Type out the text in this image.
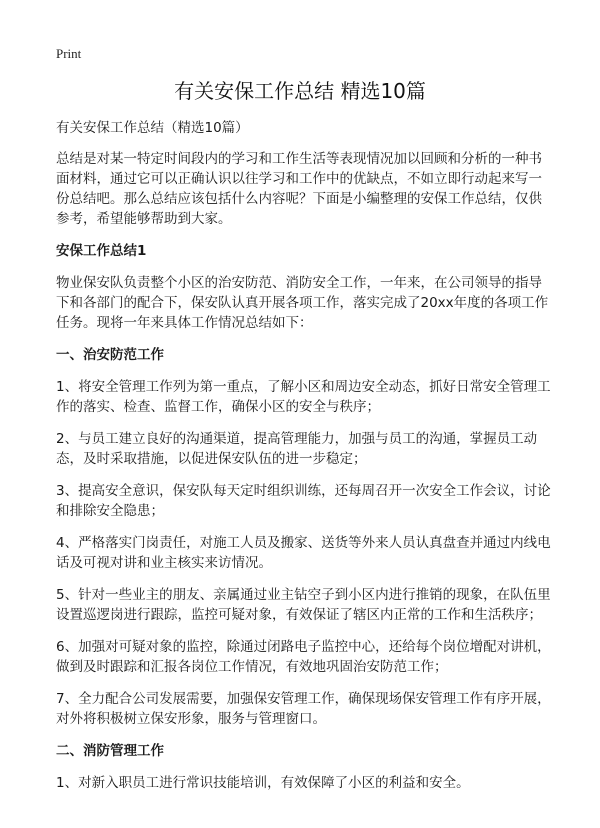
Print
有关安保工作总结 精选10篇

有关安保工作总结（精选10篇）

总结是对某一特定时间段内的学习和工作生活等表现情况加以回顾和分析的一种书面材料，通过它可以正确认识以往学习和工作中的优缺点，不如立即行动起来写一份总结吧。那么总结应该包括什么内容呢？下面是小编整理的安保工作总结，仅供参考，希望能够帮助到大家。

安保工作总结1

物业保安队负责整个小区的治安防范、消防安全工作，一年来，在公司领导的指导下和各部门的配合下，保安队认真开展各项工作，落实完成了20xx年度的各项工作任务。现将一年来具体工作情况总结如下：

一、治安防范工作

1、将安全管理工作列为第一重点，了解小区和周边安全动态，抓好日常安全管理工作的落实、检查、监督工作，确保小区的安全与秩序；

2、与员工建立良好的沟通渠道，提高管理能力，加强与员工的沟通，掌握员工动态，及时采取措施，以促进保安队伍的进一步稳定；

3、提高安全意识，保安队每天定时组织训练，还每周召开一次安全工作会议，讨论和排除安全隐患；

4、严格落实门岗责任，对施工人员及搬家、送货等外来人员认真盘查并通过内线电话及可视对讲和业主核实来访情况。

5、针对一些业主的朋友、亲属通过业主钻空子到小区内进行推销的现象，在队伍里设置巡逻岗进行跟踪，监控可疑对象，有效保证了辖区内正常的工作和生活秩序；

6、加强对可疑对象的监控，除通过闭路电子监控中心，还给每个岗位增配对讲机，做到及时跟踪和汇报各岗位工作情况，有效地巩固治安防范工作；

7、全力配合公司发展需要，加强保安管理工作，确保现场保安管理工作有序开展，对外将积极树立保安形象，服务与管理窗口。

二、消防管理工作

1、对新入职员工进行常识技能培训，有效保障了小区的利益和安全。
